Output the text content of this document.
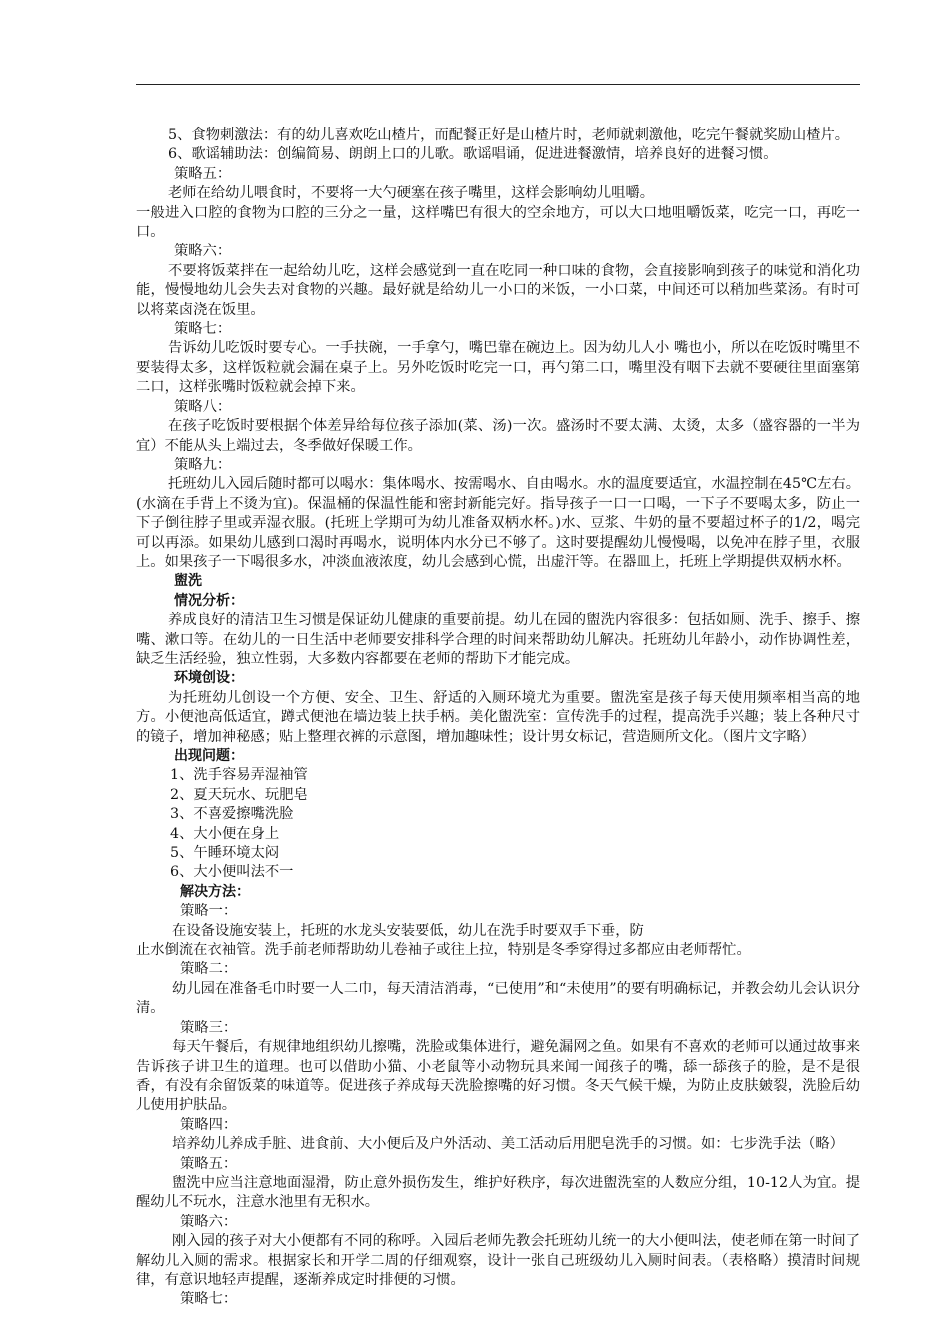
5、食物刺激法：有的幼儿喜欢吃山楂片，而配餐正好是山楂片时，老师就刺激他，吃完午餐就奖励山楂片。

6、歌谣辅助法：创编简易、朗朗上口的儿歌。歌谣唱诵，促进进餐激情，培养良好的进餐习惯。

策略五：

老师在给幼儿喂食时，不要将一大勺硬塞在孩子嘴里，这样会影响幼儿咀嚼。

一般进入口腔的食物为口腔的三分之一量，这样嘴巴有很大的空余地方，可以大口地咀嚼饭菜，吃完一口，再吃一口。

策略六：

不要将饭菜拌在一起给幼儿吃，这样会感觉到一直在吃同一种口味的食物，会直接影响到孩子的味觉和消化功能，慢慢地幼儿会失去对食物的兴趣。最好就是给幼儿一小口的米饭，一小口菜，中间还可以稍加些菜汤。有时可以将菜卤浇在饭里。

策略七：

告诉幼儿吃饭时要专心。一手扶碗，一手拿勺，嘴巴靠在碗边上。因为幼儿人小 嘴也小，所以在吃饭时嘴里不要装得太多，这样饭粒就会漏在桌子上。另外吃饭时吃完一口，再勺第二口，嘴里没有咽下去就不要硬往里面塞第二口，这样张嘴时饭粒就会掉下来。

策略八：

在孩子吃饭时要根据个体差异给每位孩子添加(菜、汤)一次。盛汤时不要太满、太烫，太多（盛容器的一半为宜）不能从头上端过去，冬季做好保暖工作。

策略九：

托班幼儿入园后随时都可以喝水：集体喝水、按需喝水、自由喝水。水的温度要适宜，水温控制在45℃左右。(水滴在手背上不烫为宜)。保温桶的保温性能和密封新能完好。指导孩子一口一口喝，一下子不要喝太多，防止一下子倒往脖子里或弄湿衣服。(托班上学期可为幼儿准备双柄水杯。)水、豆浆、牛奶的量不要超过杯子的1/2，喝完可以再添。如果幼儿感到口渴时再喝水，说明体内水分已不够了。这时要提醒幼儿慢慢喝，以免冲在脖子里，衣服上。如果孩子一下喝很多水，冲淡血液浓度，幼儿会感到心慌，出虚汗等。在器皿上，托班上学期提供双柄水杯。

盥洗

情况分析：

养成良好的清洁卫生习惯是保证幼儿健康的重要前提。幼儿在园的盥洗内容很多：包括如厕、洗手、擦手、擦嘴、漱口等。在幼儿的一日生活中老师要安排科学合理的时间来帮助幼儿解决。托班幼儿年龄小，动作协调性差，缺乏生活经验，独立性弱，大多数内容都要在老师的帮助下才能完成。

环境创设：

为托班幼儿创设一个方便、安全、卫生、舒适的入厕环境尤为重要。盥洗室是孩子每天使用频率相当高的地方。小便池高低适宜，蹲式便池在墙边装上扶手柄。美化盥洗室：宣传洗手的过程，提高洗手兴趣；装上各种尺寸的镜子，增加神秘感；贴上整理衣裤的示意图，增加趣味性；设计男女标记，营造厕所文化。（图片文字略）

出现问题：

1、洗手容易弄湿袖管

2、夏天玩水、玩肥皂

3、不喜爱擦嘴洗脸

4、大小便在身上

5、午睡环境太闷

6、大小便叫法不一

解决方法：

策略一：

在设备设施安装上，托班的水龙头安装要低，幼儿在洗手时要双手下垂，防

止水倒流在衣袖管。洗手前老师帮助幼儿卷袖子或往上拉，特别是冬季穿得过多都应由老师帮忙。

策略二：

幼儿园在准备毛巾时要一人二巾，每天清洁消毒，“已使用”和“未使用”的要有明确标记，并教会幼儿会认识分清。

策略三：

每天午餐后，有规律地组织幼儿擦嘴，洗脸或集体进行，避免漏网之鱼。如果有不喜欢的老师可以通过故事来告诉孩子讲卫生的道理。也可以借助小猫、小老鼠等小动物玩具来闻一闻孩子的嘴，舔一舔孩子的脸，是不是很香，有没有余留饭菜的味道等。促进孩子养成每天洗脸擦嘴的好习惯。冬天气候干燥，为防止皮肤皴裂，洗脸后幼儿使用护肤品。

策略四：

培养幼儿养成手脏、进食前、大小便后及户外活动、美工活动后用肥皂洗手的习惯。如：七步洗手法（略）

策略五：

盥洗中应当注意地面湿滑，防止意外损伤发生，维护好秩序，每次进盥洗室的人数应分组，10-12人为宜。提醒幼儿不玩水，注意水池里有无积水。

策略六：

刚入园的孩子对大小便都有不同的称呼。入园后老师先教会托班幼儿统一的大小便叫法，使老师在第一时间了解幼儿入厕的需求。根据家长和开学二周的仔细观察，设计一张自己班级幼儿入厕时间表。（表格略）摸清时间规律，有意识地轻声提醒，逐渐养成定时排便的习惯。

策略七：
